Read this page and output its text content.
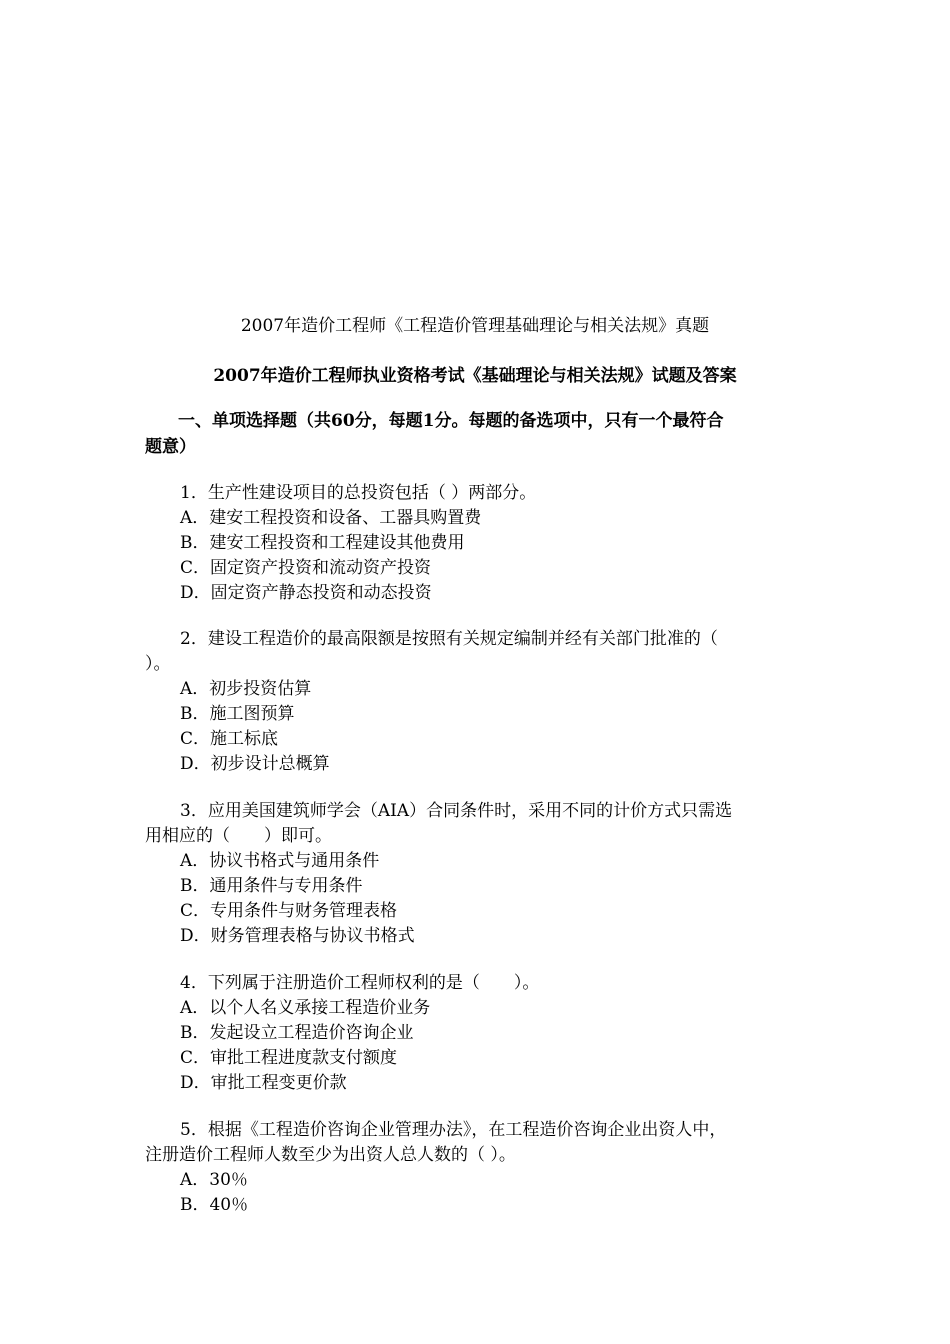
2007年造价工程师《工程造价管理基础理论与相关法规》真题
2007年造价工程师执业资格考试《基础理论与相关法规》试题及答案
一、单项选择题（共60分，每题1分。每题的备选项中，只有一个最符合
题意）
1．生产性建设项目的总投资包括（ ）两部分。
A．建安工程投资和设备、工器具购置费
B．建安工程投资和工程建设其他费用
C．固定资产投资和流动资产投资
D．固定资产静态投资和动态投资
2．建设工程造价的最高限额是按照有关规定编制并经有关部门批准的（
）。
A．初步投资估算
B．施工图预算
C．施工标底
D．初步设计总概算
3．应用美国建筑师学会（AIA）合同条件时，采用不同的计价方式只需选
用相应的（　　）即可。
A．协议书格式与通用条件
B．通用条件与专用条件
C．专用条件与财务管理表格
D．财务管理表格与协议书格式
4．下列属于注册造价工程师权利的是（　　）。
A．以个人名义承接工程造价业务
B．发起设立工程造价咨询企业
C．审批工程进度款支付额度
D．审批工程变更价款
5．根据《工程造价咨询企业管理办法》，在工程造价咨询企业出资人中，
注册造价工程师人数至少为出资人总人数的（ ）。
A．30％
B．40％
